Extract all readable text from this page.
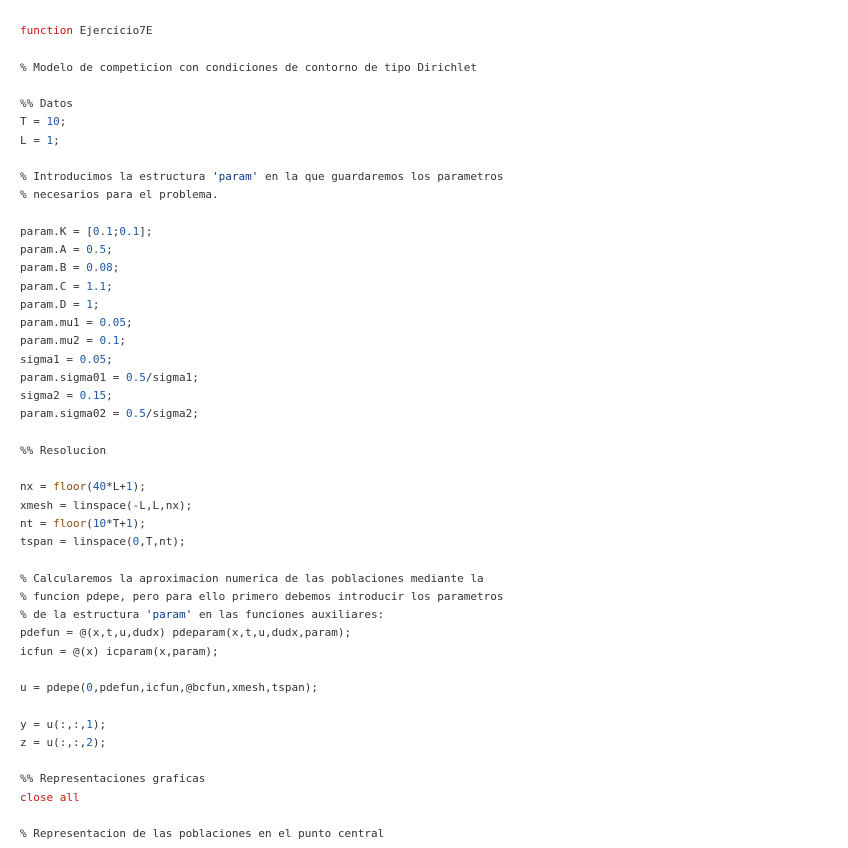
function Ejercicio7E
% Modelo de competicion con condiciones de contorno de tipo Dirichlet
%% Datos
T = 10;
L = 1;
% Introducimos la estructura 'param' en la que guardaremos los parametros
% necesarios para el problema.
param.K = [0.1;0.1];
param.A = 0.5;
param.B = 0.08;
param.C = 1.1;
param.D = 1;
param.mu1 = 0.05;
param.mu2 = 0.1;
sigma1 = 0.05;
param.sigma01 = 0.5/sigma1;
sigma2 = 0.15;
param.sigma02 = 0.5/sigma2;
%% Resolucion
nx = floor(40*L+1);
xmesh = linspace(-L,L,nx);
nt = floor(10*T+1);
tspan = linspace(0,T,nt);
% Calcularemos la aproximacion numerica de las poblaciones mediante la
% funcion pdepe, pero para ello primero debemos introducir los parametros
% de la estructura 'param' en las funciones auxiliares:
pdefun = @(x,t,u,dudx) pdeparam(x,t,u,dudx,param);
icfun = @(x) icparam(x,param);
u = pdepe(0,pdefun,icfun,@bcfun,xmesh,tspan);
y = u(:,:,1);
z = u(:,:,2);
%% Representaciones graficas
close all
% Representacion de las poblaciones en el punto central
